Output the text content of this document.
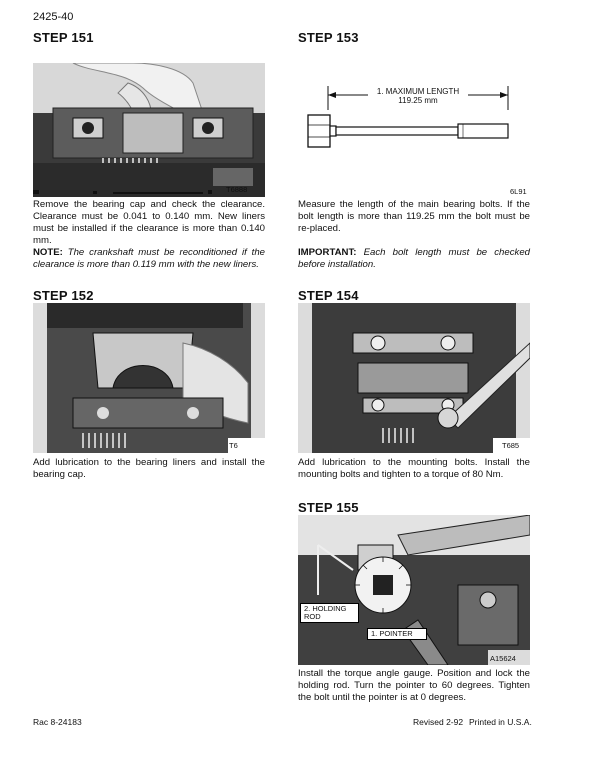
2425-40
STEP 151
T6888
Remove the bearing cap and check the clearance. Clearance must be 0.041 to 0.140 mm. New liners must be installed if the clearance is more than 0.140 mm.
NOTE: The crankshaft must be reconditioned if the clearance is more than 0.119 mm with the new liners.
STEP 152
T6
Add lubrication to the bearing liners and install the bearing cap.
STEP 153
1. MAXIMUM LENGTH
119.25 mm
6L91
Measure the length of the main bearing bolts. If the bolt length is more than 119.25 mm the bolt must be re-placed.
IMPORTANT: Each bolt length must be checked before installation.
STEP 154
T685
Add lubrication to the mounting bolts. Install the mounting bolts and tighten to a torque of 80 Nm.
STEP 155
2. HOLDING ROD
1. POINTER
A15624
Install the torque angle gauge. Position and lock the holding rod. Turn the pointer to 60 degrees. Tighten the bolt until the pointer is at 0 degrees.
Rac 8-24183	Revised 2-92 Printed in U.S.A.
